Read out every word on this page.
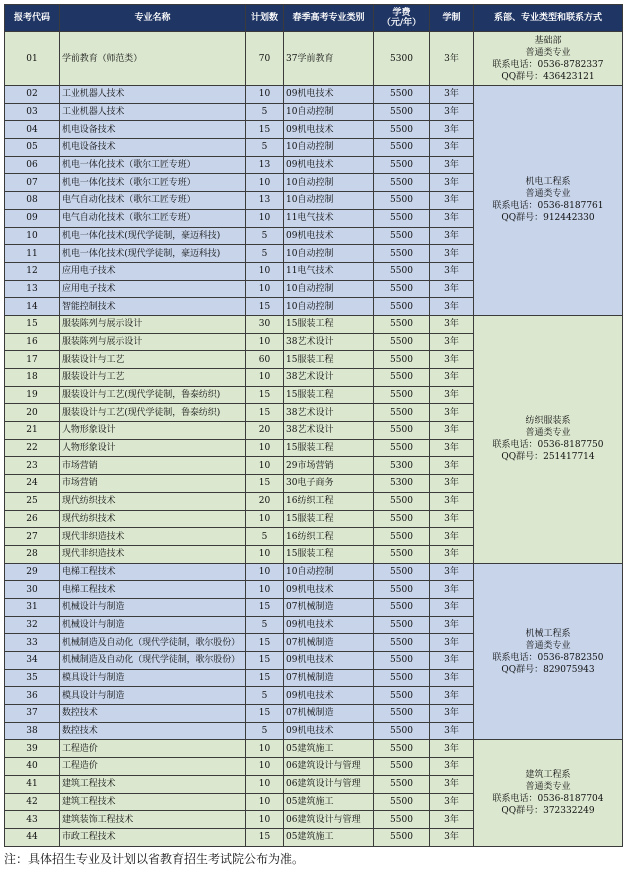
报考代码	专业名称	计划数	春季高考专业类别	学费
（元/年）	学制	系部、专业类型和联系方式
01	学前教育（师范类）	70	37学前教育	5300	3年	基础部
普通类专业
联系电话：0536-8782337
QQ群号：436423121

02	工业机器人技术	10	09机电技术	5500	3年	机电工程系
普通类专业
联系电话：0536-8187761
QQ群号：912442330

03	工业机器人技术	5	10自动控制	5500	3年	
04	机电设备技术	15	09机电技术	5500	3年	
05	机电设备技术	5	10自动控制	5500	3年	
06	机电一体化技术（歌尔工匠专班）	13	09机电技术	5500	3年	
07	机电一体化技术（歌尔工匠专班）	10	10自动控制	5500	3年	
08	电气自动化技术（歌尔工匠专班）	13	10自动控制	5500	3年	
09	电气自动化技术（歌尔工匠专班）	10	11电气技术	5500	3年	
10	机电一体化技术(现代学徒制，豪迈科技)	5	09机电技术	5500	3年	
11	机电一体化技术(现代学徒制，豪迈科技)	5	10自动控制	5500	3年	
12	应用电子技术	10	11电气技术	5500	3年	
13	应用电子技术	10	10自动控制	5500	3年	
14	智能控制技术	15	10自动控制	5500	3年	
15	服装陈列与展示设计	30	15服装工程	5500	3年	纺织服装系
普通类专业
联系电话：0536-8187750
QQ群号：251417714

16	服装陈列与展示设计	10	38艺术设计	5500	3年	
17	服装设计与工艺	60	15服装工程	5500	3年	
18	服装设计与工艺	10	38艺术设计	5500	3年	
19	服装设计与工艺(现代学徒制，鲁泰纺织)	15	15服装工程	5500	3年	
20	服装设计与工艺(现代学徒制，鲁泰纺织)	15	38艺术设计	5500	3年	
21	人物形象设计	20	38艺术设计	5500	3年	
22	人物形象设计	10	15服装工程	5500	3年	
23	市场营销	10	29市场营销	5300	3年	
24	市场营销	15	30电子商务	5300	3年	
25	现代纺织技术	20	16纺织工程	5500	3年	
26	现代纺织技术	10	15服装工程	5500	3年	
27	现代非织造技术	5	16纺织工程	5500	3年	
28	现代非织造技术	10	15服装工程	5500	3年	
29	电梯工程技术	10	10自动控制	5500	3年	机械工程系
普通类专业
联系电话：0536-8782350
QQ群号：829075943

30	电梯工程技术	10	09机电技术	5500	3年	
31	机械设计与制造	15	07机械制造	5500	3年	
32	机械设计与制造	5	09机电技术	5500	3年	
33	机械制造及自动化（现代学徒制，歌尔股份）	15	07机械制造	5500	3年	
34	机械制造及自动化（现代学徒制，歌尔股份）	15	09机电技术	5500	3年	
35	模具设计与制造	15	07机械制造	5500	3年	
36	模具设计与制造	5	09机电技术	5500	3年	
37	数控技术	15	07机械制造	5500	3年	
38	数控技术	5	09机电技术	5500	3年	
39	工程造价	10	05建筑施工	5500	3年	建筑工程系
普通类专业
联系电话：0536-8187704
QQ群号：372332249

40	工程造价	10	06建筑设计与管理	5500	3年	
41	建筑工程技术	10	06建筑设计与管理	5500	3年	
42	建筑工程技术	10	05建筑施工	5500	3年	
43	建筑装饰工程技术	10	06建筑设计与管理	5500	3年	
44	市政工程技术	15	05建筑施工	5500	3年	
注：具体招生专业及计划以省教育招生考试院公布为准。
